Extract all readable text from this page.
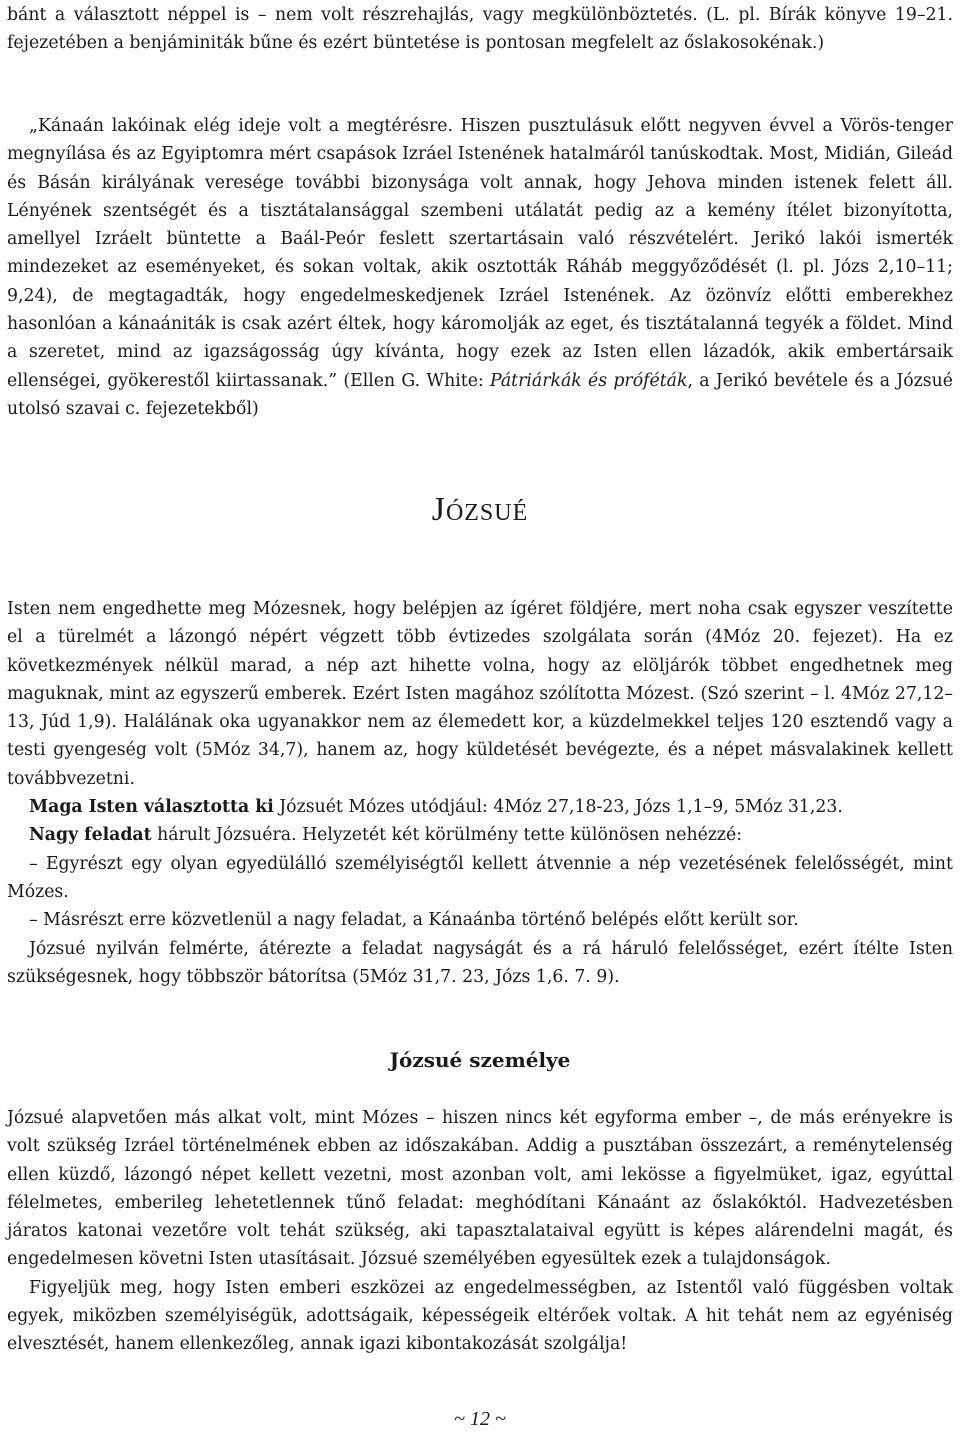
bánt a választott néppel is – nem volt részrehajlás, vagy megkülönböztetés. (L. pl. Bírák könyve 19–21. fejezetében a benjáminiták bűne és ezért büntetése is pontosan megfelelt az őslakosokénak.)

„Kánaán lakóinak elég ideje volt a megtérésre. Hiszen pusztulásuk előtt negyven évvel a Vörös-tenger megnyílása és az Egyiptomra mért csapások Izráel Istenének hatalmáról tanúskodtak. Most, Midián, Gileád és Básán királyának veresége további bizonysága volt annak, hogy Jehova minden istenek felett áll. Lényének szentségét és a tisztátalansággal szembeni utálatát pedig az a kemény ítélet bizonyította, amellyel Izráelt büntette a Baál-Peór feslett szertartásain való részvételért. Jerikó lakói ismerték mindezeket az eseményeket, és sokan voltak, akik osztották Ráháb meggyőződését (l. pl. Józs 2,10–11; 9,24), de megtagadták, hogy engedelmeskedjenek Izráel Istenének. Az özönvíz előtti emberekhez hasonlóan a kánaániták is csak azért éltek, hogy káromolják az eget, és tisztátalanná tegyék a földet. Mind a szeretet, mind az igazságosság úgy kívánta, hogy ezek az Isten ellen lázadók, akik embertársaik ellenségei, gyökerestől kiirtassanak.” (Ellen G. White: Pátriárkák és próféták, a Jerikó bevétele és a Józsué utolsó szavai c. fejezetekből)

Józsué

Isten nem engedhette meg Mózesnek, hogy belépjen az ígéret földjére, mert noha csak egyszer veszítette el a türelmét a lázongó népért végzett több évtizedes szolgálata során (4Móz 20. fejezet). Ha ez következmények nélkül marad, a nép azt hihette volna, hogy az elöljárók többet engedhetnek meg maguknak, mint az egyszerű emberek. Ezért Isten magához szólította Mózest. (Szó szerint – l. 4Móz 27,12–13, Júd 1,9). Halálának oka ugyanakkor nem az élemedett kor, a küzdelmekkel teljes 120 esztendő vagy a testi gyengeség volt (5Móz 34,7), hanem az, hogy küldetését bevégezte, és a népet másvalakinek kellett továbbvezetni.

Maga Isten választotta ki Józsuét Mózes utódjául: 4Móz 27,18-23, Józs 1,1–9, 5Móz 31,23.

Nagy feladat hárult Józsuéra. Helyzetét két körülmény tette különösen nehézzé:

– Egyrészt egy olyan egyedülálló személyiségtől kellett átvennie a nép vezetésének felelősségét, mint Mózes.

– Másrészt erre közvetlenül a nagy feladat, a Kánaánba történő belépés előtt került sor.

Józsué nyilván felmérte, átérezte a feladat nagyságát és a rá háruló felelősséget, ezért ítélte Isten szükségesnek, hogy többször bátorítsa (5Móz 31,7. 23, Józs 1,6. 7. 9).

Józsué személye

Józsué alapvetően más alkat volt, mint Mózes – hiszen nincs két egyforma ember –, de más erényekre is volt szükség Izráel történelmének ebben az időszakában. Addig a pusztában összezárt, a reménytelenség ellen küzdő, lázongó népet kellett vezetni, most azonban volt, ami lekösse a figyelmüket, igaz, egyúttal félelmetes, emberileg lehetetlennek tűnő feladat: meghódítani Kánaánt az őslakóktól. Hadvezetésben járatos katonai vezetőre volt tehát szükség, aki tapasztalataival együtt is képes alárendelni magát, és engedelmesen követni Isten utasításait. Józsué személyében egyesültek ezek a tulajdonságok.

Figyeljük meg, hogy Isten emberi eszközei az engedelmességben, az Istentől való függésben voltak egyek, miközben személyiségük, adottságaik, képességeik eltérőek voltak. A hit tehát nem az egyéniség elvesztését, hanem ellenkezőleg, annak igazi kibontakozását szolgálja!

~ 12 ~
